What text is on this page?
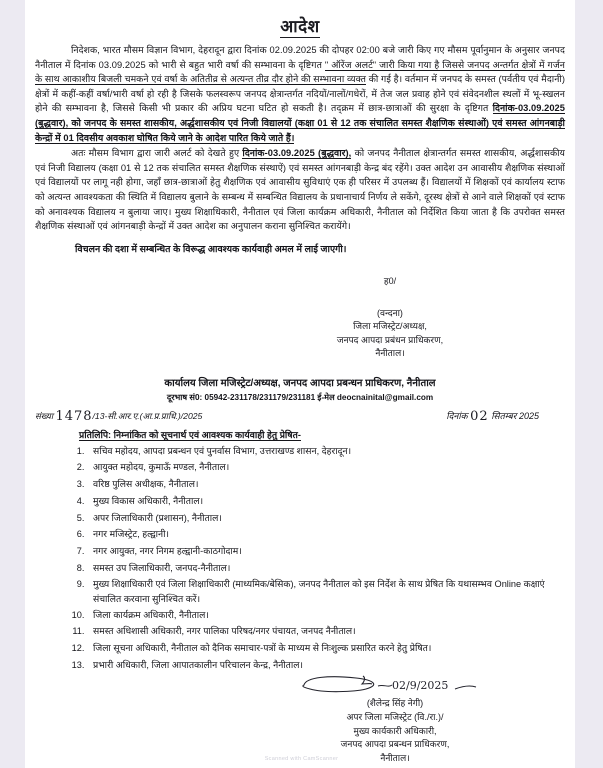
आदेश

निदेशक, भारत मौसम विज्ञान विभाग, देहरादून द्वारा दिनांक 02.09.2025 की दोपहर 02:00 बजे जारी किए गए मौसम पूर्वानुमान के अनुसार जनपद नैनीताल में दिनांक 03.09.2025 को भारी से बहुत भारी वर्षा की सम्भावना के दृष्टिगत " ऑरेंज अलर्ट" जारी किया गया है जिससे जनपद अन्तर्गत क्षेत्रों में गर्जन के साथ आकाशीय बिजली चमकने एवं वर्षा के अतितीव्र से अत्यन्त तीव्र दौर होने की सम्भावना व्यक्त की गई है। वर्तमान में जनपद के समस्त (पर्वतीय एवं मैदानी) क्षेत्रों में कहीं-कहीं वर्षा/भारी वर्षा हो रही है जिसके फलस्वरूप जनपद क्षेत्रान्तर्गत नदियों/नालों/गधेरों, में तेज जल प्रवाह होने एवं संवेदनशील स्थलों में भू-स्खलन होने की सम्भावना है, जिससे किसी भी प्रकार की अप्रिय घटना घटित हो सकती है। तद्क्रम में छात्र-छात्राओं की सुरक्षा के दृष्टिगत दिनांक-03.09.2025 (बुद्धवार), को जनपद के समस्त शासकीय, अर्द्धशासकीय एवं निजी विद्यालयों (कक्षा 01 से 12 तक संचालित समस्त शैक्षणिक संस्थाओं) एवं समस्त आंगनबाड़ी केन्द्रों में 01 दिवसीय अवकाश घोषित किये जाने के आदेश पारित किये जाते हैं।

अतः मौसम विभाग द्वारा जारी अलर्ट को देखते हुए दिनांक-03.09.2025 (बुद्धवार), को जनपद नैनीताल क्षेत्रान्तर्गत समस्त शासकीय, अर्द्धशासकीय एवं निजी विद्यालय (कक्षा 01 से 12 तक संचालित समस्त शैक्षणिक संस्थाऐं) एवं समस्त आंगनबाड़ी केन्द्र बंद रहेंगे। उक्त आदेश उन आवासीय शैक्षणिक संस्थाओं एवं विद्यालयों पर लागू नही होगा, जहाँ छात्र-छात्राओं हेतु शैक्षणिक एवं आवासीय सुविधाएं एक ही परिसर में उपलब्ध हैं। विद्यालयों में शिक्षकों एवं कार्यालय स्टाफ को अत्यन्त आवश्यकता की स्थिति में विद्यालय बुलाने के सम्बन्ध में सम्बन्धित विद्यालय के प्रधानाचार्य निर्णय ले सकेंगे, दूरस्थ क्षेत्रों से आने वाले शिक्षकों एवं स्टाफ को अनावश्यक विद्यालय न बुलाया जाए। मुख्य शिक्षाधिकारी, नैनीताल एवं जिला कार्यक्रम अधिकारी, नैनीताल को निर्देशित किया जाता है कि उपरोक्त समस्त शैक्षणिक संस्थाओं एवं आंगनबाड़ी केन्द्रों में उक्त आदेश का अनुपालन कराना सुनिश्चित करायेंगे।

विचलन की दशा में सम्बन्धित के विरूद्ध आवश्यक कार्यवाही अमल में लाई जाएगी।

ह0/
(वन्दना)
जिला मजिस्ट्रेट/अध्यक्ष,
जनपद आपदा प्रबंधन प्राधिकरण,
नैनीताल।
कार्यालय जिला मजिस्ट्रेट/अध्यक्ष, जनपद आपदा प्रबन्धन प्राधिकरण, नैनीताल
दूरभाष सं0: 05942-231178/231179/231181 ई-मेल deocnainital@gmail.com
संख्या 1478/13-सी.आर.ए.(आ.प्र.प्राधि.)/2025	दिनांक 02 सितम्बर 2025
प्रतिलिपि: निम्नांकित को सूचनार्थ एवं आवश्यक कार्यवाही हेतु प्रेषित-
1. सचिव महोदय, आपदा प्रबन्धन एवं पुनर्वास विभाग, उत्तराखण्ड शासन, देहरादून।
2. आयुक्त महोदय, कुमाऊँ मण्डल, नैनीताल।
3. वरिष्ठ पुलिस अधीक्षक, नैनीताल।
4. मुख्य विकास अधिकारी, नैनीताल।
5. अपर जिलाधिकारी (प्रशासन), नैनीताल।
6. नगर मजिस्ट्रेट, हल्द्वानी।
7. नगर आयुक्त, नगर निगम हल्द्वानी-काठगोदाम।
8. समस्त उप जिलाधिकारी, जनपद-नैनीताल।
9. मुख्य शिक्षाधिकारी एवं जिला शिक्षाधिकारी (माध्यमिक/बेसिक), जनपद नैनीताल को इस निर्देश के साथ प्रेषित कि यथासम्भव Online कक्षाएं संचालित करवाना सुनिश्चित करें।
10. जिला कार्यक्रम अधिकारी, नैनीताल।
11. समस्त अधिशासी अधिकारी, नगर पालिका परिषद/नगर पंचायत, जनपद नैनीताल।
12. जिला सूचना अधिकारी, नैनीताल को दैनिक समाचार-पत्रों के माध्यम से निःशुल्क प्रसारित करने हेतु प्रेषित।
13. प्रभारी अधिकारी, जिला आपातकालीन परिचालन केन्द्र, नैनीताल।
02/9/2025
(शैलेन्द्र सिंह नेगी)
अपर जिला मजिस्ट्रेट (वि./रा.)/
मुख्य कार्यकारी अधिकारी,
जनपद आपदा प्रबन्धन प्राधिकरण,
नैनीताल।
Scanned with CamScanner
